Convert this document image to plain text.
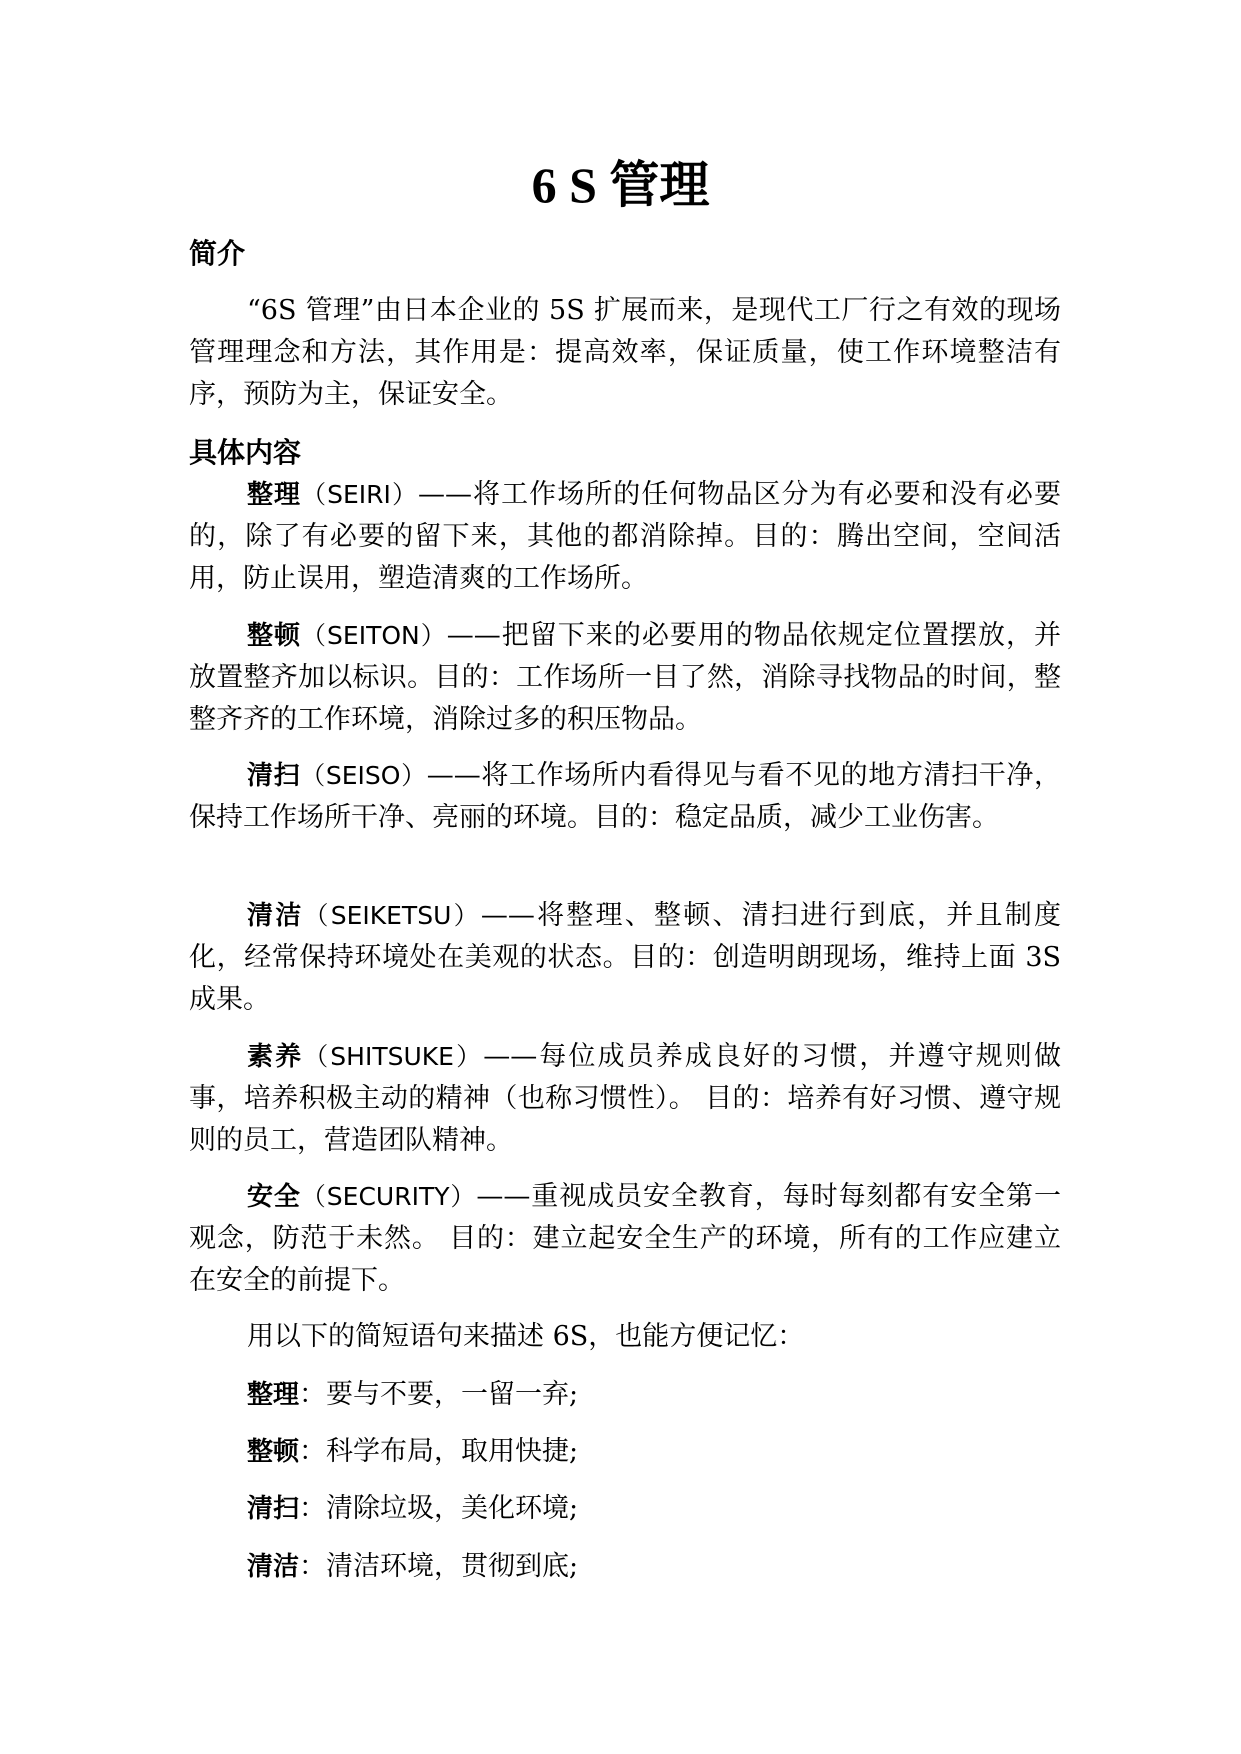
6 S 管理
简介
“6S 管理”由日本企业的 5S 扩展而来，是现代工厂行之有效的现场管理理念和方法，其作用是：提高效率，保证质量，使工作环境整洁有序，预防为主，保证安全。
具体内容
整理（SEIRI）——将工作场所的任何物品区分为有必要和没有必要的，除了有必要的留下来，其他的都消除掉。目的：腾出空间，空间活用，防止误用，塑造清爽的工作场所。
整顿（SEITON）——把留下来的必要用的物品依规定位置摆放，并放置整齐加以标识。目的：工作场所一目了然，消除寻找物品的时间，整整齐齐的工作环境，消除过多的积压物品。
清扫（SEISO）——将工作场所内看得见与看不见的地方清扫干净，保持工作场所干净、亮丽的环境。目的：稳定品质，减少工业伤害。
清洁（SEIKETSU）——将整理、整顿、清扫进行到底，并且制度化，经常保持环境处在美观的状态。目的：创造明朗现场，维持上面 3S 成果。
素养（SHITSUKE）——每位成员养成良好的习惯，并遵守规则做事，培养积极主动的精神（也称习惯性）。 目的：培养有好习惯、遵守规则的员工，营造团队精神。
安全（SECURITY）——重视成员安全教育，每时每刻都有安全第一观念，防范于未然。 目的：建立起安全生产的环境，所有的工作应建立在安全的前提下。
用以下的简短语句来描述 6S，也能方便记忆：
整理：要与不要，一留一弃;
整顿：科学布局，取用快捷;
清扫：清除垃圾，美化环境;
清洁：清洁环境，贯彻到底;
